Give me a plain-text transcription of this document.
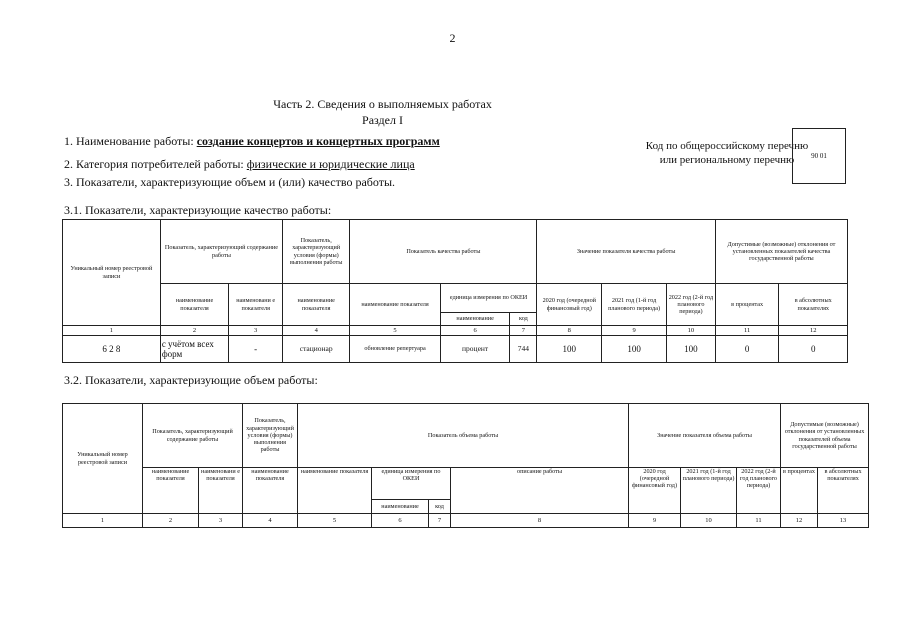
2
Часть 2. Сведения о выполняемых работах
Раздел I
1. Наименование работы: создание концертов и концертных программ
2. Категория потребителей работы: физические и юридические лица
3. Показатели, характеризующие объем и (или) качество работы.
Код по общероссийскому перечню или региональному перечню	90 01
3.1. Показатели, характеризующие качество работы:
Уникальный номер реестровой записи	Показатель, характеризующий содержание работы		Показатель, характеризующий условия (формы) выполнения работы	Показатель качества работы			Значение показателя качества работы			Допустимые (возможные) отклонения от установленных показателей качества государственной работы	
	наименование показателя	наименовани е показателя	наименование показателя	наименование показателя	единица измерения по ОКЕИ		2020 год (очередной финансовый год)	2021 год (1-й год планового периода)	2022 год (2-й год планового периода)	в процентах	в абсолютных показателях
					наименование	код					
1	2	3	4	5	6	7	8	9	10	11	12
6 2 8	с учётом всех форм	-	стационар	обновление репертуара	процент	744	100	100	100	0	0
3.2. Показатели, характеризующие объем работы:
Уникальный номер реестровой записи	Показатель, характеризующий содержание работы		Показатель, характеризующий условия (формы) выполнения работы	Показатель объема работы				Значение показателя объема работы			Допустимые (возможные) отклонения от установленных показателей объема государственной работы	
	наименование показателя	наименовани е показателя	наименование показателя	наименование показателя	единица измерения по ОКЕИ		описание работы	2020 год (очередной финансовый год)	2021 год (1-й год планового периода)	2022 год (2-й год планового периода)	в процентах	в абсолютных показателях
					наименование	код						
1	2	3	4	5	6	7	8	9	10	11	12	13
